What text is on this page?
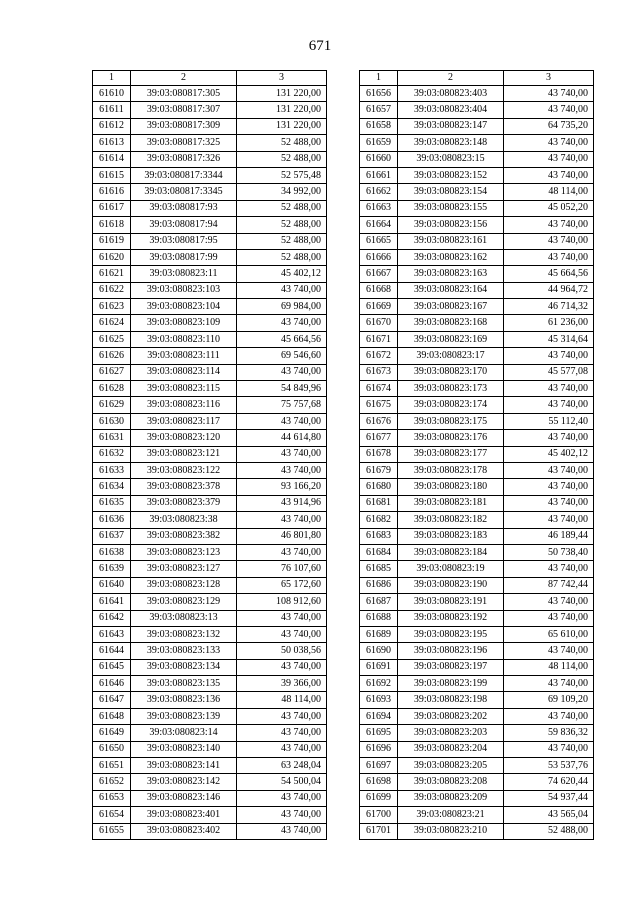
671
1	2	3
61610	39:03:080817:305	131 220,00
61611	39:03:080817:307	131 220,00
61612	39:03:080817:309	131 220,00
61613	39:03:080817:325	52 488,00
61614	39:03:080817:326	52 488,00
61615	39:03:080817:3344	52 575,48
61616	39:03:080817:3345	34 992,00
61617	39:03:080817:93	52 488,00
61618	39:03:080817:94	52 488,00
61619	39:03:080817:95	52 488,00
61620	39:03:080817:99	52 488,00
61621	39:03:080823:11	45 402,12
61622	39:03:080823:103	43 740,00
61623	39:03:080823:104	69 984,00
61624	39:03:080823:109	43 740,00
61625	39:03:080823:110	45 664,56
61626	39:03:080823:111	69 546,60
61627	39:03:080823:114	43 740,00
61628	39:03:080823:115	54 849,96
61629	39:03:080823:116	75 757,68
61630	39:03:080823:117	43 740,00
61631	39:03:080823:120	44 614,80
61632	39:03:080823:121	43 740,00
61633	39:03:080823:122	43 740,00
61634	39:03:080823:378	93 166,20
61635	39:03:080823:379	43 914,96
61636	39:03:080823:38	43 740,00
61637	39:03:080823:382	46 801,80
61638	39:03:080823:123	43 740,00
61639	39:03:080823:127	76 107,60
61640	39:03:080823:128	65 172,60
61641	39:03:080823:129	108 912,60
61642	39:03:080823:13	43 740,00
61643	39:03:080823:132	43 740,00
61644	39:03:080823:133	50 038,56
61645	39:03:080823:134	43 740,00
61646	39:03:080823:135	39 366,00
61647	39:03:080823:136	48 114,00
61648	39:03:080823:139	43 740,00
61649	39:03:080823:14	43 740,00
61650	39:03:080823:140	43 740,00
61651	39:03:080823:141	63 248,04
61652	39:03:080823:142	54 500,04
61653	39:03:080823:146	43 740,00
61654	39:03:080823:401	43 740,00
61655	39:03:080823:402	43 740,00
1	2	3
61656	39:03:080823:403	43 740,00
61657	39:03:080823:404	43 740,00
61658	39:03:080823:147	64 735,20
61659	39:03:080823:148	43 740,00
61660	39:03:080823:15	43 740,00
61661	39:03:080823:152	43 740,00
61662	39:03:080823:154	48 114,00
61663	39:03:080823:155	45 052,20
61664	39:03:080823:156	43 740,00
61665	39:03:080823:161	43 740,00
61666	39:03:080823:162	43 740,00
61667	39:03:080823:163	45 664,56
61668	39:03:080823:164	44 964,72
61669	39:03:080823:167	46 714,32
61670	39:03:080823:168	61 236,00
61671	39:03:080823:169	45 314,64
61672	39:03:080823:17	43 740,00
61673	39:03:080823:170	45 577,08
61674	39:03:080823:173	43 740,00
61675	39:03:080823:174	43 740,00
61676	39:03:080823:175	55 112,40
61677	39:03:080823:176	43 740,00
61678	39:03:080823:177	45 402,12
61679	39:03:080823:178	43 740,00
61680	39:03:080823:180	43 740,00
61681	39:03:080823:181	43 740,00
61682	39:03:080823:182	43 740,00
61683	39:03:080823:183	46 189,44
61684	39:03:080823:184	50 738,40
61685	39:03:080823:19	43 740,00
61686	39:03:080823:190	87 742,44
61687	39:03:080823:191	43 740,00
61688	39:03:080823:192	43 740,00
61689	39:03:080823:195	65 610,00
61690	39:03:080823:196	43 740,00
61691	39:03:080823:197	48 114,00
61692	39:03:080823:199	43 740,00
61693	39:03:080823:198	69 109,20
61694	39:03:080823:202	43 740,00
61695	39:03:080823:203	59 836,32
61696	39:03:080823:204	43 740,00
61697	39:03:080823:205	53 537,76
61698	39:03:080823:208	74 620,44
61699	39:03:080823:209	54 937,44
61700	39:03:080823:21	43 565,04
61701	39:03:080823:210	52 488,00
